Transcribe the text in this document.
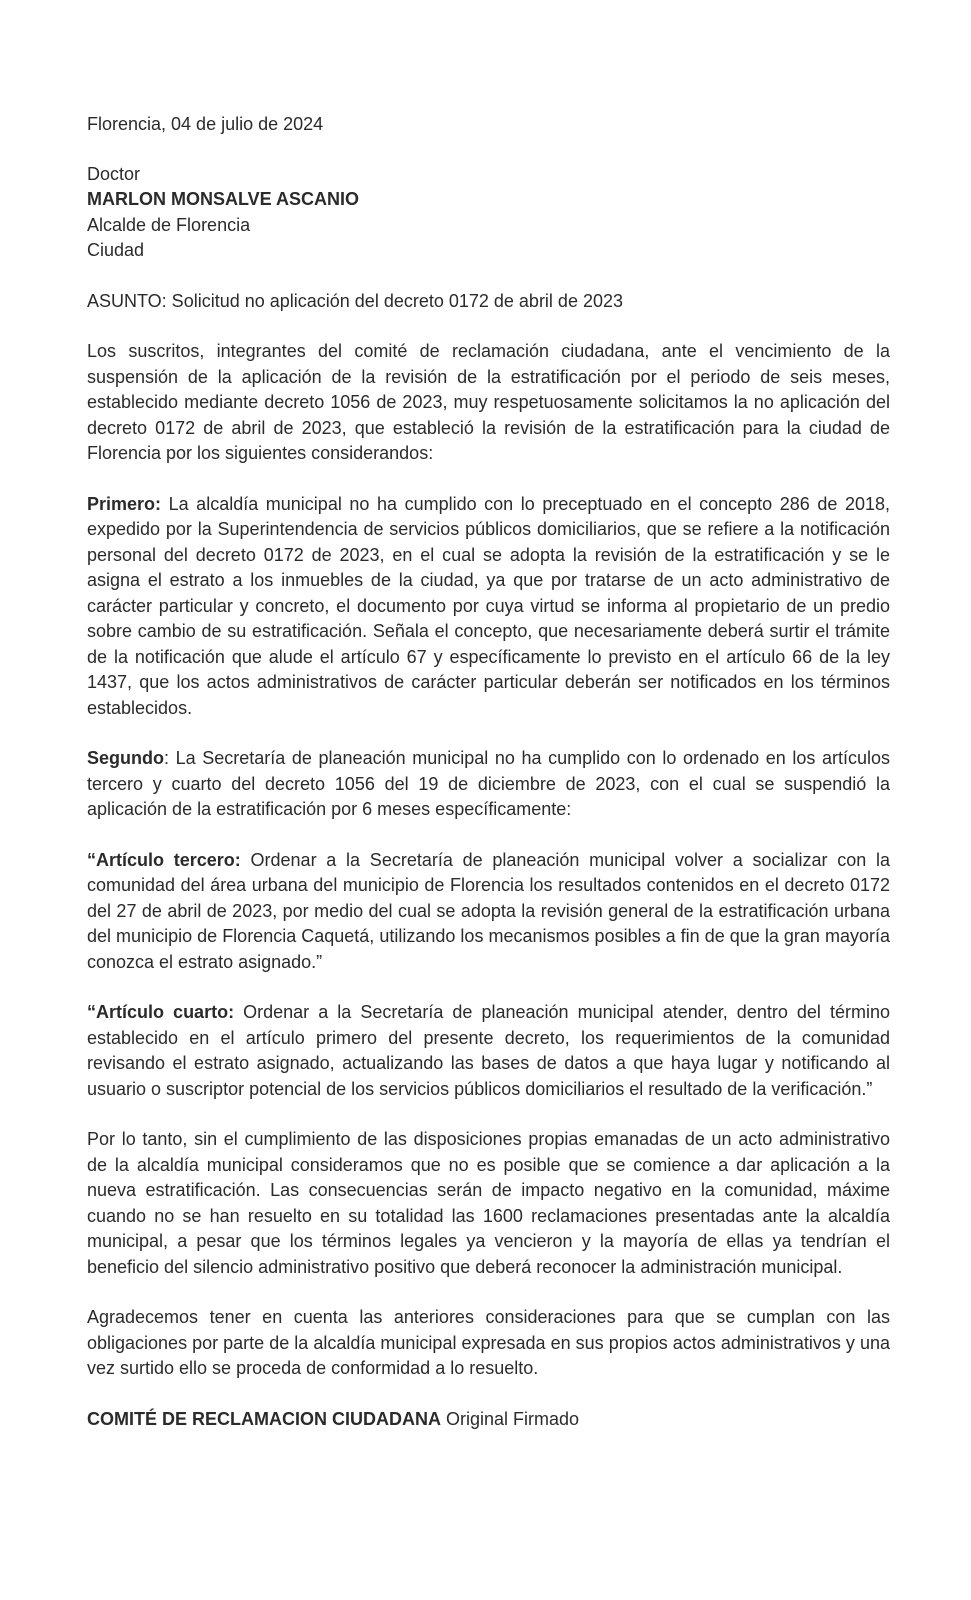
Florencia, 04 de julio de 2024

Doctor

MARLON MONSALVE ASCANIO

Alcalde de Florencia

Ciudad

ASUNTO: Solicitud no aplicación del decreto 0172 de abril de 2023

Los suscritos, integrantes del comité de reclamación ciudadana, ante el vencimiento de la suspensión de la aplicación de la revisión de la estratificación por el periodo de seis meses, establecido mediante decreto 1056 de 2023, muy respetuosamente solicitamos la no aplicación del decreto 0172 de abril de 2023, que estableció la revisión de la estratificación para la ciudad de Florencia por los siguientes considerandos:

Primero: La alcaldía municipal no ha cumplido con lo preceptuado en el concepto 286 de 2018, expedido por la Superintendencia de servicios públicos domiciliarios, que se refiere a la notificación personal del decreto 0172 de 2023, en el cual se adopta la revisión de la estratificación y se le asigna el estrato a los inmuebles de la ciudad, ya que por tratarse de un acto administrativo de carácter particular y concreto, el documento por cuya virtud se informa al propietario de un predio sobre cambio de su estratificación. Señala el concepto, que necesariamente deberá surtir el trámite de la notificación que alude el artículo 67 y específicamente lo previsto en el artículo 66 de la ley 1437, que los actos administrativos de carácter particular deberán ser notificados en los términos establecidos.

Segundo: La Secretaría de planeación municipal no ha cumplido con lo ordenado en los artículos tercero y cuarto del decreto 1056 del 19 de diciembre de 2023, con el cual se suspendió la aplicación de la estratificación por 6 meses específicamente:

“Artículo tercero: Ordenar a la Secretaría de planeación municipal volver a socializar con la comunidad del área urbana del municipio de Florencia los resultados contenidos en el decreto 0172 del 27 de abril de 2023, por medio del cual se adopta la revisión general de la estratificación urbana del municipio de Florencia Caquetá, utilizando los mecanismos posibles a fin de que la gran mayoría conozca el estrato asignado.”

“Artículo cuarto: Ordenar a la Secretaría de planeación municipal atender, dentro del término establecido en el artículo primero del presente decreto, los requerimientos de la comunidad revisando el estrato asignado, actualizando las bases de datos a que haya lugar y notificando al usuario o suscriptor potencial de los servicios públicos domiciliarios el resultado de la verificación.”

Por lo tanto, sin el cumplimiento de las disposiciones propias emanadas de un acto administrativo de la alcaldía municipal consideramos que no es posible que se comience a dar aplicación a la nueva estratificación. Las consecuencias serán de impacto negativo en la comunidad, máxime cuando no se han resuelto en su totalidad las 1600 reclamaciones presentadas ante la alcaldía municipal, a pesar que los términos legales ya vencieron y la mayoría de ellas ya tendrían el beneficio del silencio administrativo positivo que deberá reconocer la administración municipal.

Agradecemos tener en cuenta las anteriores consideraciones para que se cumplan con las obligaciones por parte de la alcaldía municipal expresada en sus propios actos administrativos y una vez surtido ello se proceda de conformidad a lo resuelto.

COMITÉ DE RECLAMACION CIUDADANA Original Firmado
